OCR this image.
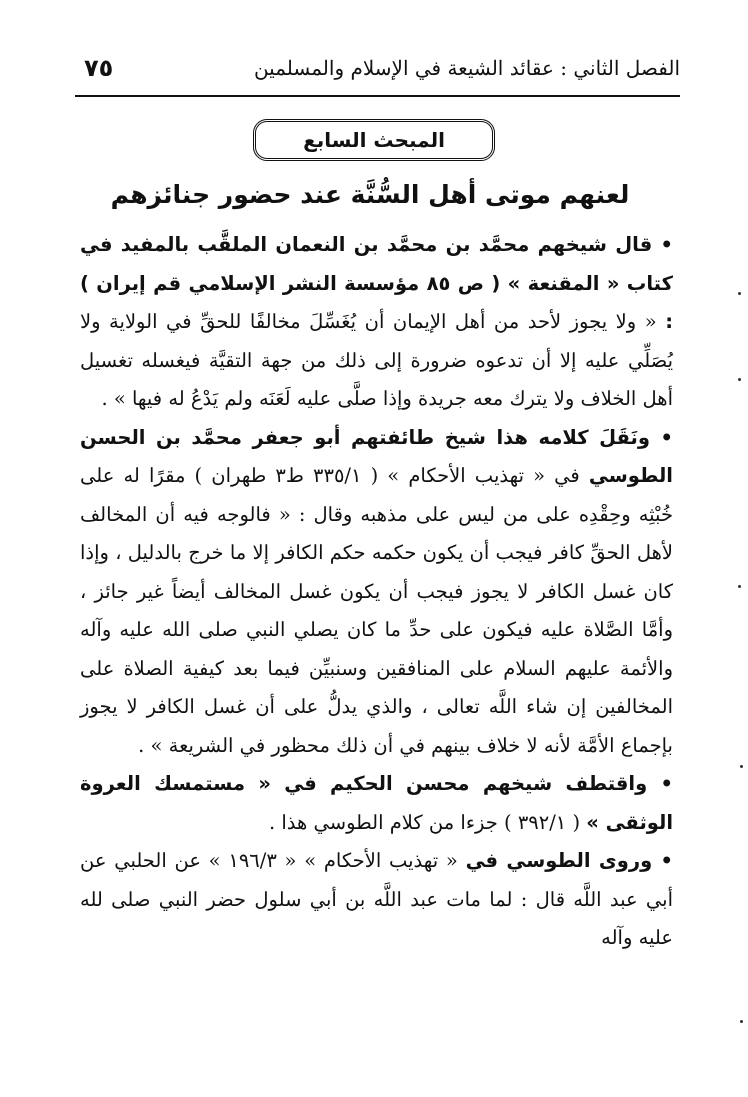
٧٥	الفصل الثاني : عقائد الشيعة في الإسلام والمسلمين
المبحث السابع
لعنهم موتى أهل السُّنَّة عند حضور جنائزهم

• قال شيخهم محمَّد بن محمَّد بن النعمان الملقَّب بالمفيد في كتاب « المقنعة » ( ص ٨٥ مؤسسة النشر الإسلامي قم إيران ) : « ولا يجوز لأحد من أهل الإيمان أن يُغَسِّلَ مخالفًا للحقِّ في الولاية ولا يُصَلِّي عليه إلا أن تدعوه ضرورة إلى ذلك من جهة التقيَّة فيغسله تغسيل أهل الخلاف ولا يترك معه جريدة وإذا صلَّى عليه لَعَنَه ولم يَدْعُ له فيها » .

• ونَقَلَ كلامه هذا شيخ طائفتهم أبو جعفر محمَّد بن الحسن الطوسي في « تهذيب الأحكام » ( ٣٣٥/١ ط٣ طهران ) مقرًا له على خُبْثِه وحِقْدِه على من ليس على مذهبه وقال : « فالوجه فيه أن المخالف لأهل الحقِّ كافر فيجب أن يكون حكمه حكم الكافر إلا ما خرج بالدليل ، وإذا كان غسل الكافر لا يجوز فيجب أن يكون غسل المخالف أيضاً غير جائز ، وأمَّا الصَّلاة عليه فيكون على حدِّ ما كان يصلي النبي صلى الله عليه وآله والأئمة عليهم السلام على المنافقين وسنبيِّن فيما بعد كيفية الصلاة على المخالفين إن شاء اللَّه تعالى ، والذي يدلُّ على أن غسل الكافر لا يجوز بإجماع الأمَّة لأنه لا خلاف بينهم في أن ذلك محظور في الشريعة » .

• واقتطف شيخهم محسن الحكيم في « مستمسك العروة الوثقى » ( ٣٩٢/١ ) جزءا من كلام الطوسي هذا .

• وروى الطوسي في « تهذيب الأحكام » « ١٩٦/٣ » عن الحلبي عن أبي عبد اللَّه قال : لما مات عبد اللَّه بن أبي سلول حضر النبي صلى لله عليه وآله
